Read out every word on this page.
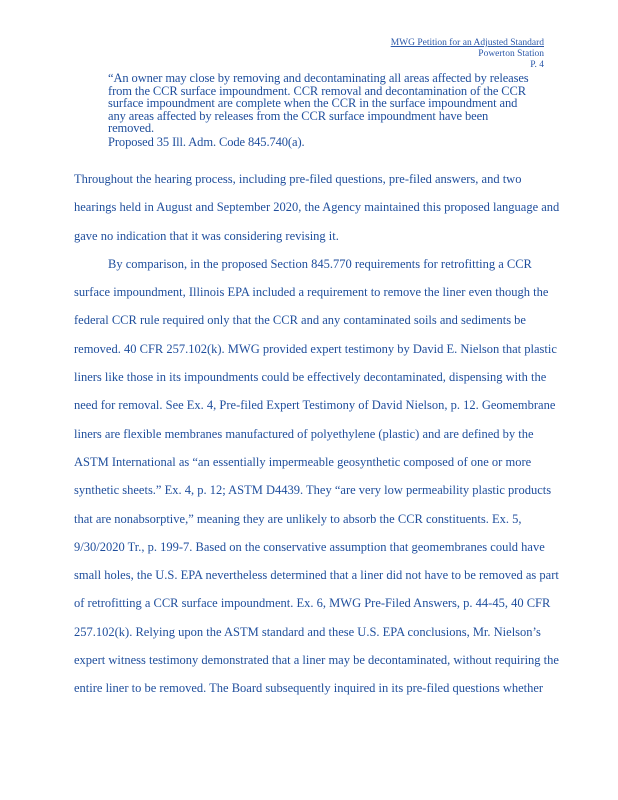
MWG Petition for an Adjusted Standard
Powerton Station
P. 4
“An owner may close by removing and decontaminating all areas affected by releases
from the CCR surface impoundment. CCR removal and decontamination of the CCR
surface impoundment are complete when the CCR in the surface impoundment and
any areas affected by releases from the CCR surface impoundment have been
removed.
Proposed 35 Ill. Adm. Code 845.740(a).

Throughout the hearing process, including pre-filed questions, pre-filed answers, and two
hearings held in August and September 2020, the Agency maintained this proposed language and
gave no indication that it was considering revising it.

By comparison, in the proposed Section 845.770 requirements for retrofitting a CCR
surface impoundment, Illinois EPA included a requirement to remove the liner even though the
federal CCR rule required only that the CCR and any contaminated soils and sediments be
removed. 40 CFR 257.102(k). MWG provided expert testimony by David E. Nielson that plastic
liners like those in its impoundments could be effectively decontaminated, dispensing with the
need for removal. See Ex. 4, Pre-filed Expert Testimony of David Nielson, p. 12. Geomembrane
liners are flexible membranes manufactured of polyethylene (plastic) and are defined by the
ASTM International as “an essentially impermeable geosynthetic composed of one or more
synthetic sheets.” Ex. 4, p. 12; ASTM D4439. They “are very low permeability plastic products
that are nonabsorptive,” meaning they are unlikely to absorb the CCR constituents. Ex. 5,
9/30/2020 Tr., p. 199-7. Based on the conservative assumption that geomembranes could have
small holes, the U.S. EPA nevertheless determined that a liner did not have to be removed as part
of retrofitting a CCR surface impoundment. Ex. 6, MWG Pre-Filed Answers, p. 44-45, 40 CFR
257.102(k). Relying upon the ASTM standard and these U.S. EPA conclusions, Mr. Nielson’s
expert witness testimony demonstrated that a liner may be decontaminated, without requiring the
entire liner to be removed. The Board subsequently inquired in its pre-filed questions whether
